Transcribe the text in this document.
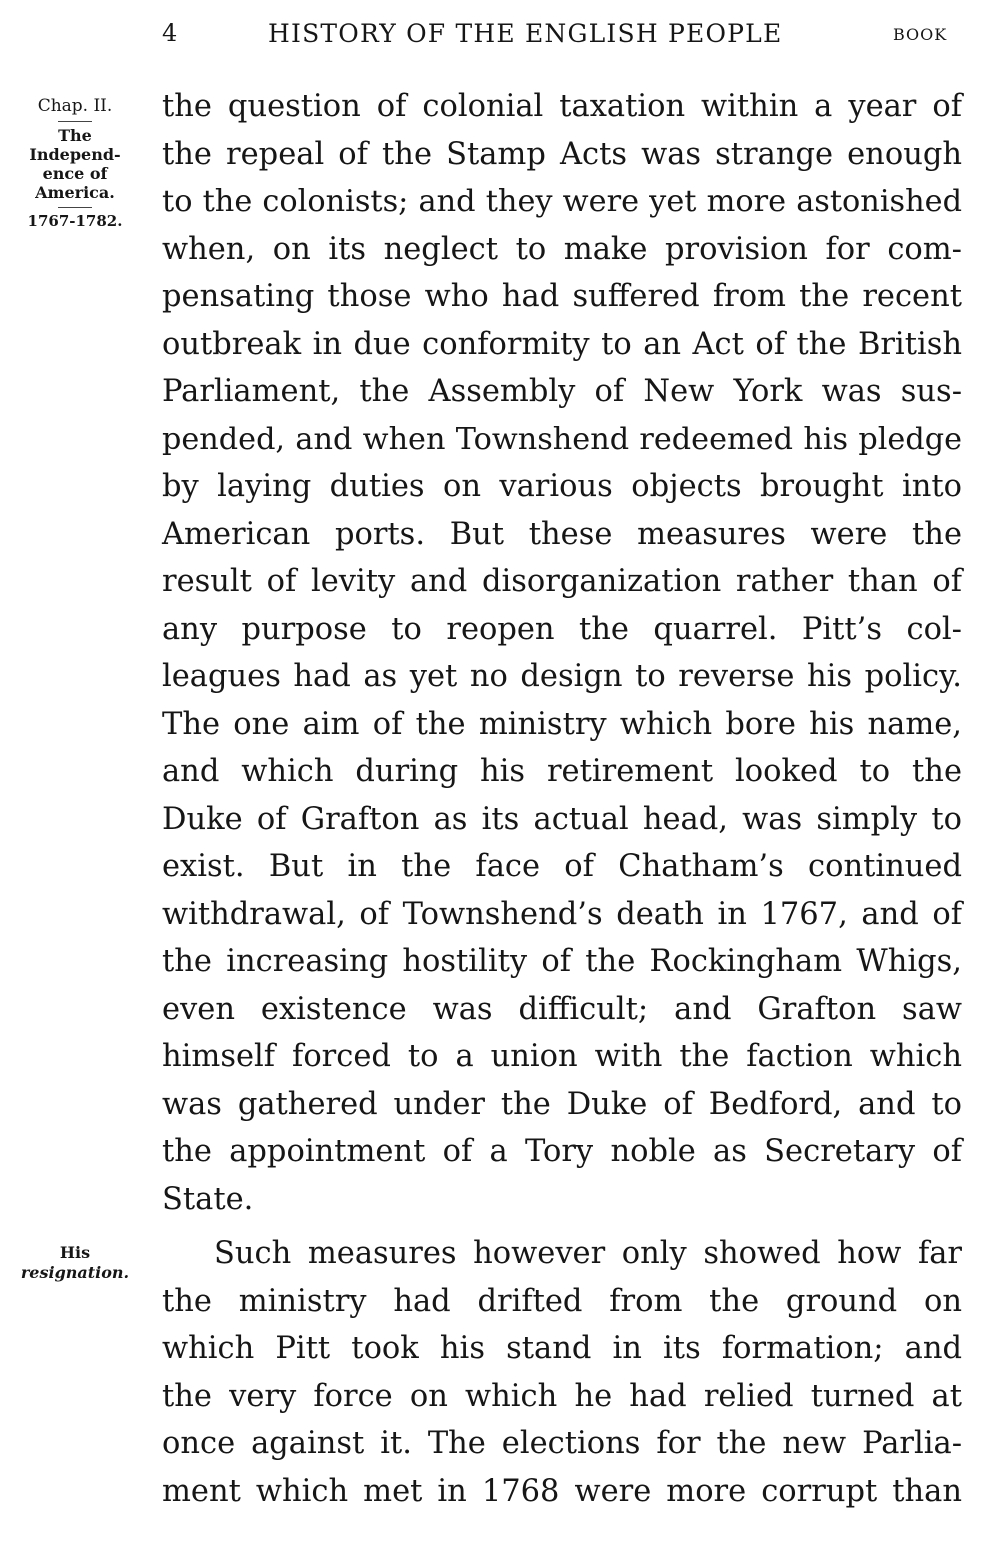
4	HISTORY OF THE ENGLISH PEOPLE	BOOK
Chap. II.
The
Independ-
ence of
America.
1767-1782.
His
resignation.
the question of colonial taxation within a year of
the repeal of the Stamp Acts was strange enough
to the colonists; and they were yet more astonished
when, on its neglect to make provision for com-
pensating those who had suffered from the recent
outbreak in due conformity to an Act of the British
Parliament, the Assembly of New York was sus-
pended, and when Townshend redeemed his pledge
by laying duties on various objects brought into
American ports. But these measures were the
result of levity and disorganization rather than of
any purpose to reopen the quarrel. Pitt’s col-
leagues had as yet no design to reverse his policy.
The one aim of the ministry which bore his name,
and which during his retirement looked to the
Duke of Grafton as its actual head, was simply to
exist. But in the face of Chatham’s continued
withdrawal, of Townshend’s death in 1767, and of
the increasing hostility of the Rockingham Whigs,
even existence was difficult; and Grafton saw
himself forced to a union with the faction which
was gathered under the Duke of Bedford, and to
the appointment of a Tory noble as Secretary of
State.
Such measures however only showed how far
the ministry had drifted from the ground on
which Pitt took his stand in its formation; and
the very force on which he had relied turned at
once against it. The elections for the new Parlia-
ment which met in 1768 were more corrupt than
